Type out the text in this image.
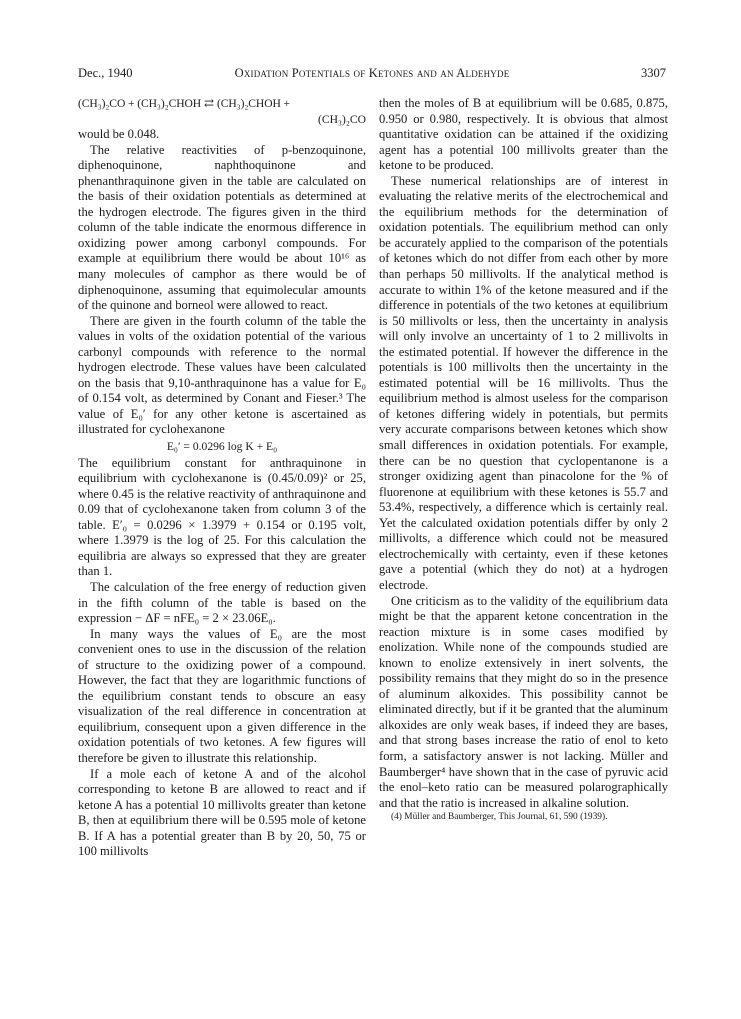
Dec., 1940	Oxidation Potentials of Ketones and an Aldehyde	3307
(CH₃)₂CO + (CH₃)₂CHOH ⇄ (CH₃)₂CHOH +
(CH₃)₂CO

would be 0.048.

The relative reactivities of p-benzoquinone, diphenoquinone, naphthoquinone and phenanthraquinone given in the table are calculated on the basis of their oxidation potentials as determined at the hydrogen electrode. The figures given in the third column of the table indicate the enormous difference in oxidizing power among carbonyl compounds. For example at equilibrium there would be about 10¹⁶ as many molecules of camphor as there would be of diphenoquinone, assuming that equimolecular amounts of the quinone and borneol were allowed to react.

There are given in the fourth column of the table the values in volts of the oxidation potential of the various carbonyl compounds with reference to the normal hydrogen electrode. These values have been calculated on the basis that 9,10-anthraquinone has a value for E₀ of 0.154 volt, as determined by Conant and Fieser.³ The value of E₀′ for any other ketone is ascertained as illustrated for cyclohexanone

E₀′ = 0.0296 log K + E₀

The equilibrium constant for anthraquinone in equilibrium with cyclohexanone is (0.45/0.09)² or 25, where 0.45 is the relative reactivity of anthraquinone and 0.09 that of cyclohexanone taken from column 3 of the table. E′₀ = 0.0296 × 1.3979 + 0.154 or 0.195 volt, where 1.3979 is the log of 25. For this calculation the equilibria are always so expressed that they are greater than 1.

The calculation of the free energy of reduction given in the fifth column of the table is based on the expression − ΔF = nFE₀ = 2 × 23.06E₀.

In many ways the values of E₀ are the most convenient ones to use in the discussion of the relation of structure to the oxidizing power of a compound. However, the fact that they are logarithmic functions of the equilibrium constant tends to obscure an easy visualization of the real difference in concentration at equilibrium, consequent upon a given difference in the oxidation potentials of two ketones. A few figures will therefore be given to illustrate this relationship.

If a mole each of ketone A and of the alcohol corresponding to ketone B are allowed to react and if ketone A has a potential 10 millivolts greater than ketone B, then at equilibrium there will be 0.595 mole of ketone B. If A has a potential greater than B by 20, 50, 75 or 100 millivolts

then the moles of B at equilibrium will be 0.685, 0.875, 0.950 or 0.980, respectively. It is obvious that almost quantitative oxidation can be attained if the oxidizing agent has a potential 100 millivolts greater than the ketone to be produced.

These numerical relationships are of interest in evaluating the relative merits of the electrochemical and the equilibrium methods for the determination of oxidation potentials. The equilibrium method can only be accurately applied to the comparison of the potentials of ketones which do not differ from each other by more than perhaps 50 millivolts. If the analytical method is accurate to within 1% of the ketone measured and if the difference in potentials of the two ketones at equilibrium is 50 millivolts or less, then the uncertainty in analysis will only involve an uncertainty of 1 to 2 millivolts in the estimated potential. If however the difference in the potentials is 100 millivolts then the uncertainty in the estimated potential will be 16 millivolts. Thus the equilibrium method is almost useless for the comparison of ketones differing widely in potentials, but permits very accurate comparisons between ketones which show small differences in oxidation potentials. For example, there can be no question that cyclopentanone is a stronger oxidizing agent than pinacolone for the % of fluorenone at equilibrium with these ketones is 55.7 and 53.4%, respectively, a difference which is certainly real. Yet the calculated oxidation potentials differ by only 2 millivolts, a difference which could not be measured electrochemically with certainty, even if these ketones gave a potential (which they do not) at a hydrogen electrode.

One criticism as to the validity of the equilibrium data might be that the apparent ketone concentration in the reaction mixture is in some cases modified by enolization. While none of the compounds studied are known to enolize extensively in inert solvents, the possibility remains that they might do so in the presence of aluminum alkoxides. This possibility cannot be eliminated directly, but if it be granted that the aluminum alkoxides are only weak bases, if indeed they are bases, and that strong bases increase the ratio of enol to keto form, a satisfactory answer is not lacking. Müller and Baumberger⁴ have shown that in the case of pyruvic acid the enol–keto ratio can be measured polarographically and that the ratio is increased in alkaline solution.

(4) Müller and Baumberger, This Journal, 61, 590 (1939).
